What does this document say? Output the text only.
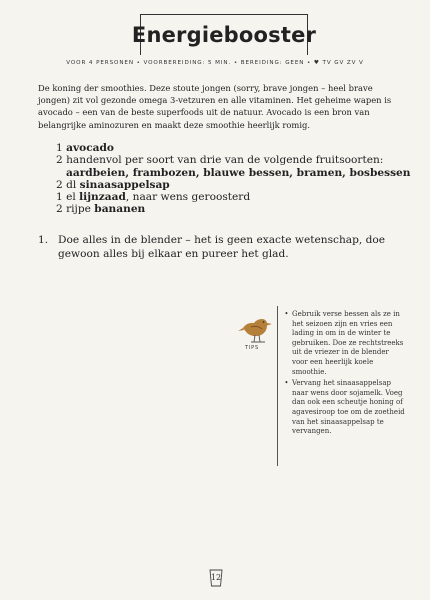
Energiebooster
VOOR 4 PERSONEN • VOORBEREIDING: 5 MIN. • BEREIDING: GEEN • ♥ TV GV ZV V

De koning der smoothies. Deze stoute jongen (sorry, brave jongen – heel brave jongen) zit vol gezonde omega 3-vetzuren en alle vitaminen. Het geheime wapen is avocado – een van de beste superfoods uit de natuur. Avocado is een bron van belangrijke aminozuren en maakt deze smoothie heerlijk romig.

1 avocado
2 handenvol per soort van drie van de volgende fruitsoorten:
aardbeien, frambozen, blauwe bessen, bramen, bosbessen
2 dl sinaasappelsap
1 el lijnzaad, naar wens geroosterd
2 rijpe bananen
1. Doe alles in de blender – het is geen exacte wetenschap, doe gewoon alles bij elkaar en pureer het glad.
TIPS
• Gebruik verse bessen als ze in het seizoen zijn en vries een lading in om in de winter te gebruiken. Doe ze rechtstreeks uit de vriezer in de blender voor een heerlijk koele smoothie.
• Vervang het sinaasappelsap naar wens door sojamelk. Voeg dan ook een scheutje honing of agavesiroop toe om de zoetheid van het sinaasappelsap te vervangen.
12
